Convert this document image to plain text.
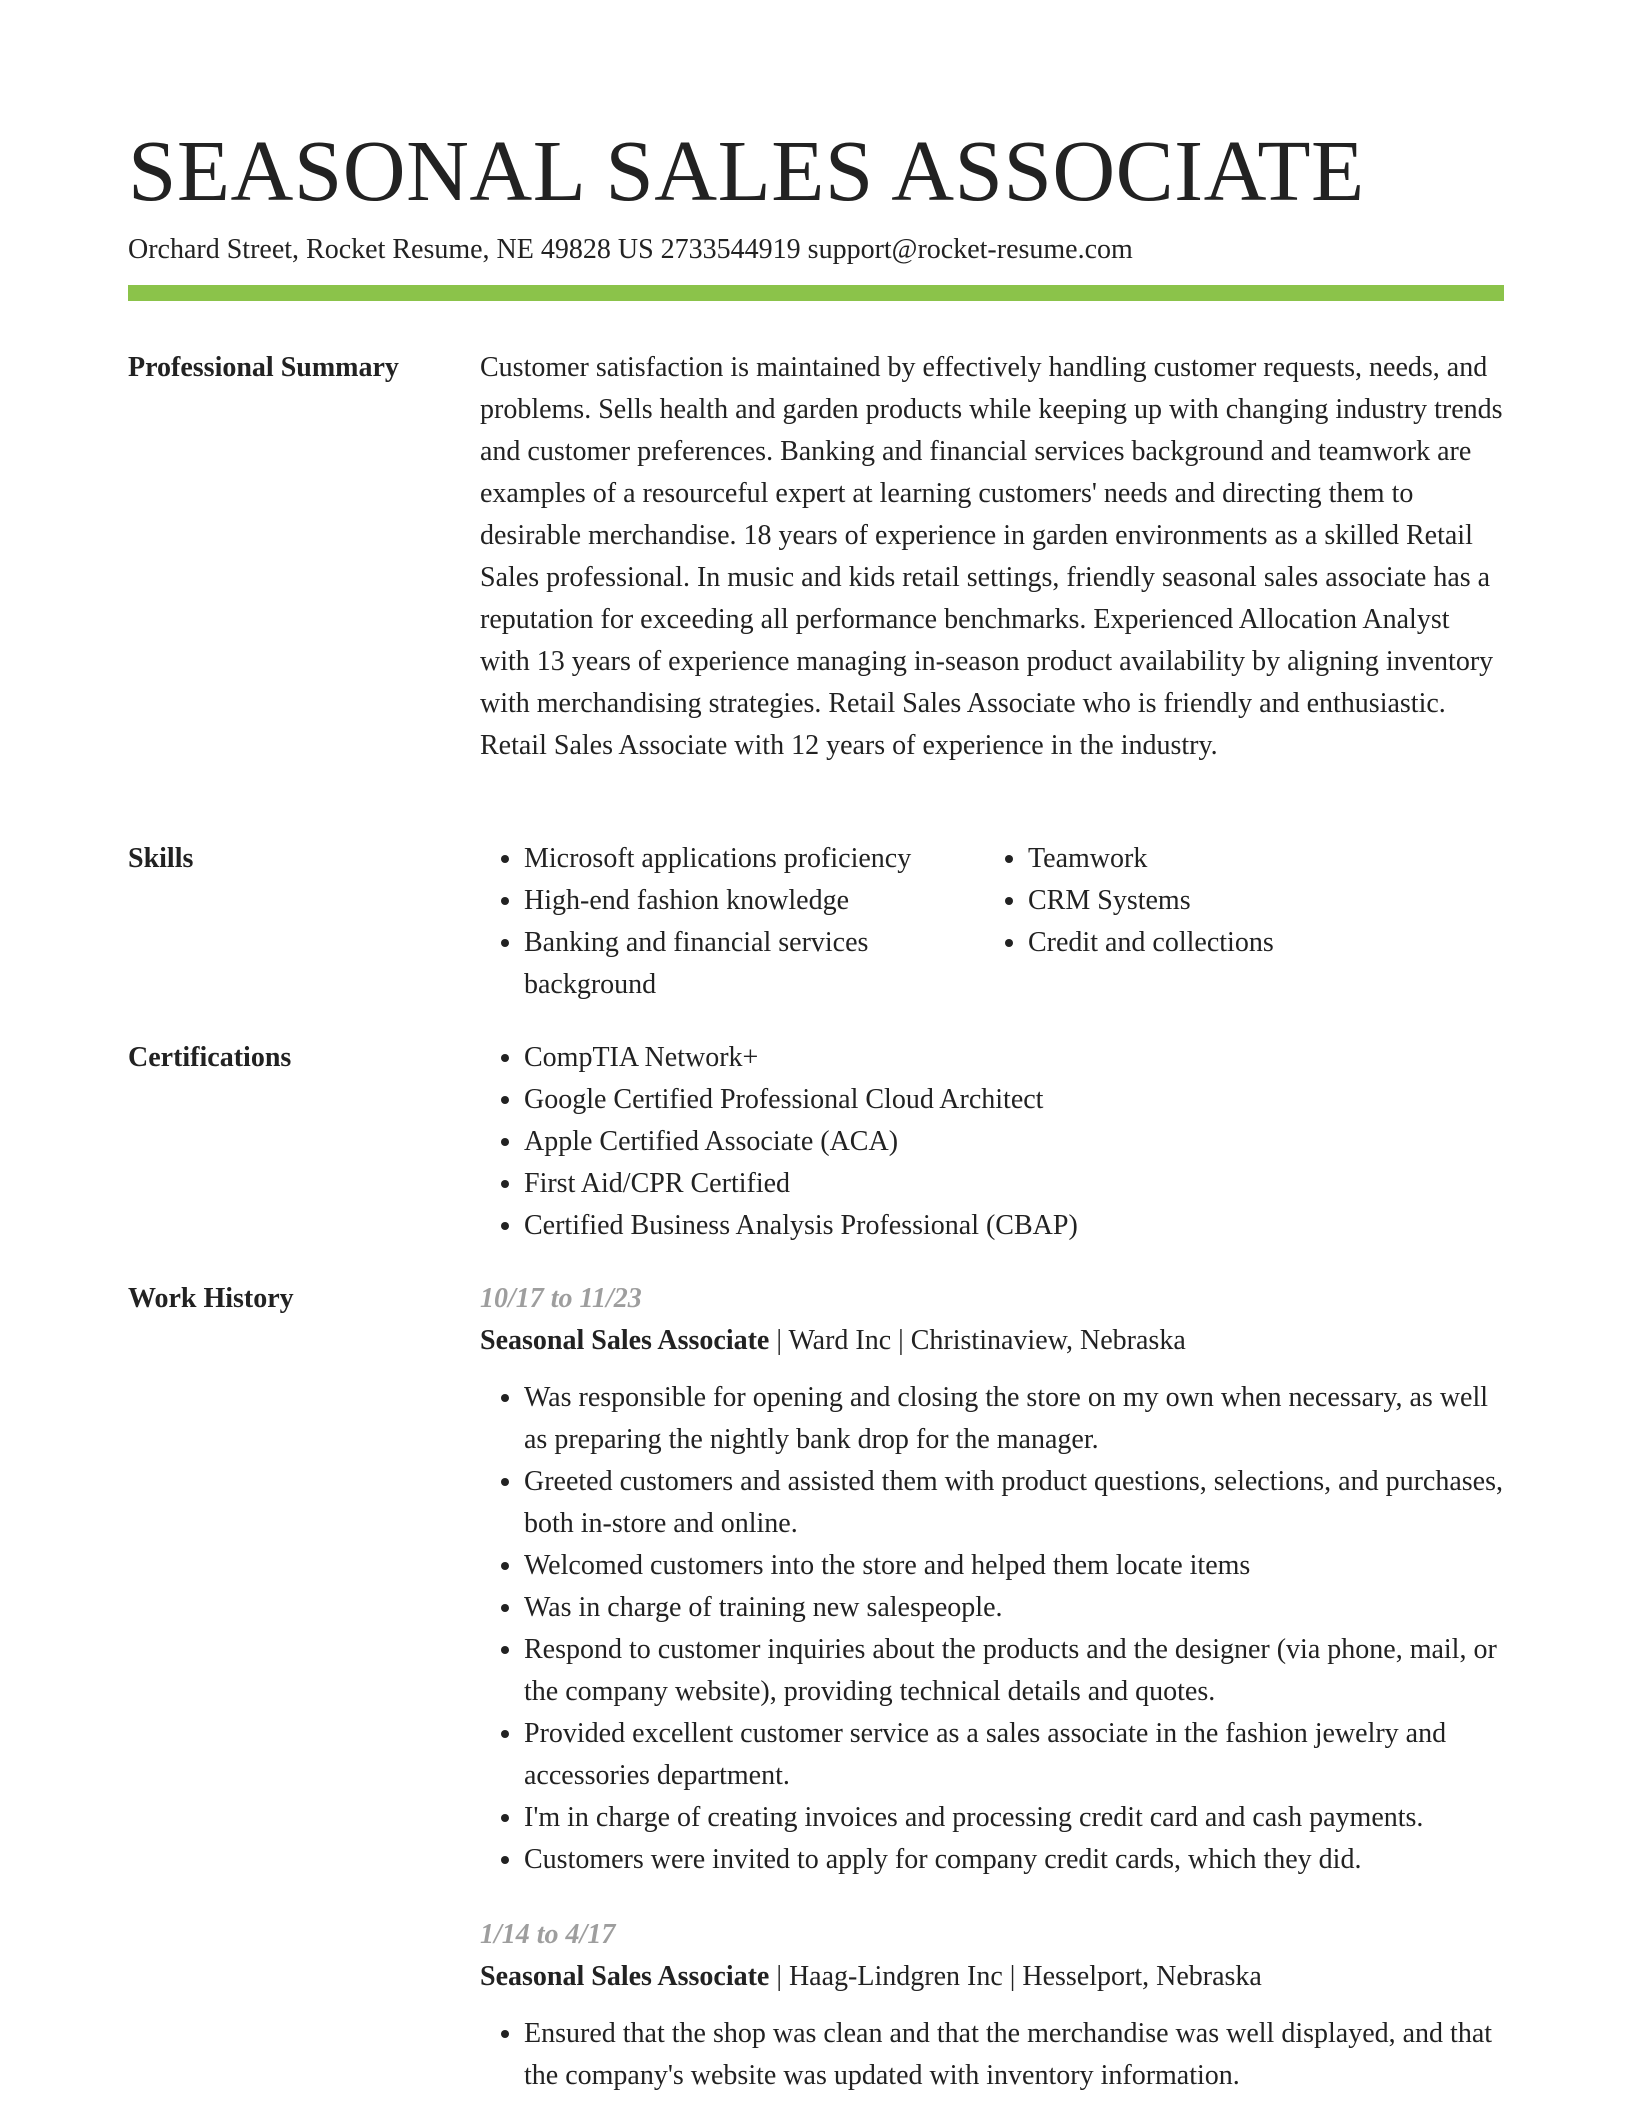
SEASONAL SALES ASSOCIATE
Orchard Street, Rocket Resume, NE 49828 US 2733544919 support@rocket-resume.com
Professional Summary	Customer satisfaction is maintained by effectively handling customer requests, needs, and problems. Sells health and garden products while keeping up with changing industry trends and customer preferences. Banking and financial services background and teamwork are examples of a resourceful expert at learning customers' needs and directing them to desirable merchandise. 18 years of experience in garden environments as a skilled Retail Sales professional. In music and kids retail settings, friendly seasonal sales associate has a reputation for exceeding all performance benchmarks. Experienced Allocation Analyst with 13 years of experience managing in-season product availability by aligning inventory with merchandising strategies. Retail Sales Associate who is friendly and enthusiastic. Retail Sales Associate with 12 years of experience in the industry.
Skills	• Microsoft applications proficiency
• High-end fashion knowledge
• Banking and financial services background
• Teamwork
• CRM Systems
• Credit and collections
Certifications	• CompTIA Network+
• Google Certified Professional Cloud Architect
• Apple Certified Associate (ACA)
• First Aid/CPR Certified
• Certified Business Analysis Professional (CBAP)
Work History	10/17 to 11/23
Seasonal Sales Associate | Ward Inc | Christinaview, Nebraska
• Was responsible for opening and closing the store on my own when necessary, as well as preparing the nightly bank drop for the manager.
• Greeted customers and assisted them with product questions, selections, and purchases, both in-store and online.
• Welcomed customers into the store and helped them locate items
• Was in charge of training new salespeople.
• Respond to customer inquiries about the products and the designer (via phone, mail, or the company website), providing technical details and quotes.
• Provided excellent customer service as a sales associate in the fashion jewelry and accessories department.
• I'm in charge of creating invoices and processing credit card and cash payments.
• Customers were invited to apply for company credit cards, which they did.
1/14 to 4/17
Seasonal Sales Associate | Haag-Lindgren Inc | Hesselport, Nebraska
• Ensured that the shop was clean and that the merchandise was well displayed, and that the company's website was updated with inventory information.
